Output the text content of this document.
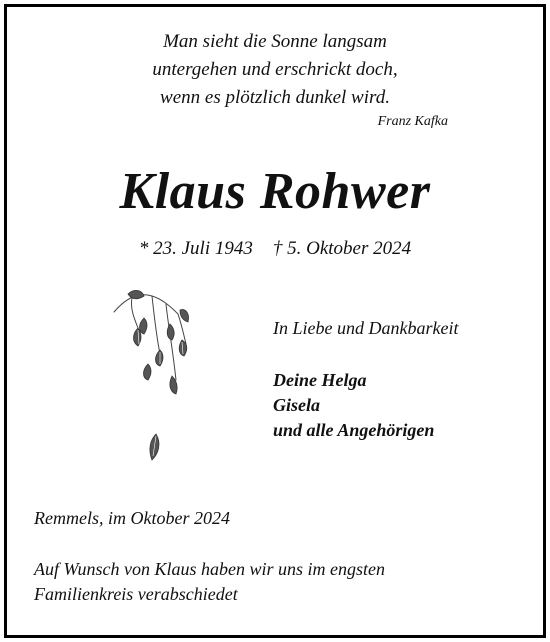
Man sieht die Sonne langsam
untergehen und erschrickt doch,
wenn es plötzlich dunkel wird.
Franz Kafka
Klaus Rohwer
* 23. Juli 1943 † 5. Oktober 2024
In Liebe und Dankbarkeit
Deine Helga
Gisela
und alle Angehörigen
Remmels, im Oktober 2024
Auf Wunsch von Klaus haben wir uns im engsten
Familienkreis verabschiedet
